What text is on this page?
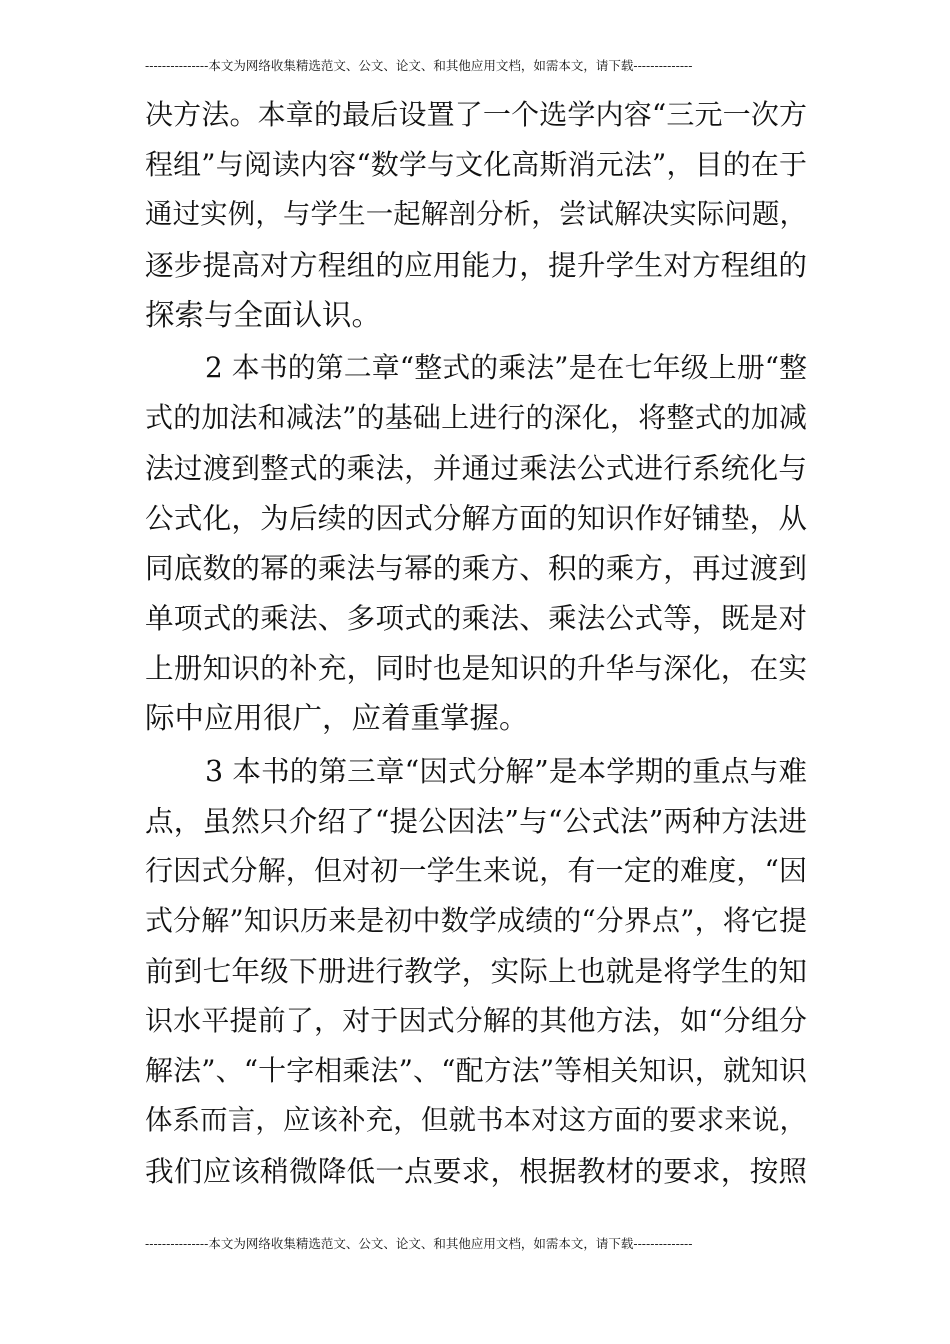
---------------本文为网络收集精选范文、公文、论文、和其他应用文档，如需本文，请下载--------------
决方法。本章的最后设置了一个选学内容“三元一次方
程组”与阅读内容“数学与文化高斯消元法”，目的在于
通过实例，与学生一起解剖分析，尝试解决实际问题，
逐步提高对方程组的应用能力，提升学生对方程组的
探索与全面认识。
2 本书的第二章“整式的乘法”是在七年级上册“整
式的加法和减法”的基础上进行的深化，将整式的加减
法过渡到整式的乘法，并通过乘法公式进行系统化与
公式化，为后续的因式分解方面的知识作好铺垫，从
同底数的幂的乘法与幂的乘方、积的乘方，再过渡到
单项式的乘法、多项式的乘法、乘法公式等，既是对
上册知识的补充，同时也是知识的升华与深化，在实
际中应用很广，应着重掌握。
3 本书的第三章“因式分解”是本学期的重点与难
点，虽然只介绍了“提公因法”与“公式法”两种方法进
行因式分解，但对初一学生来说，有一定的难度，“因
式分解”知识历来是初中数学成绩的“分界点”，将它提
前到七年级下册进行教学，实际上也就是将学生的知
识水平提前了，对于因式分解的其他方法，如“分组分
解法”、“十字相乘法”、“配方法”等相关知识，就知识
体系而言，应该补充，但就书本对这方面的要求来说，
我们应该稍微降低一点要求，根据教材的要求，按照
---------------本文为网络收集精选范文、公文、论文、和其他应用文档，如需本文，请下载--------------
